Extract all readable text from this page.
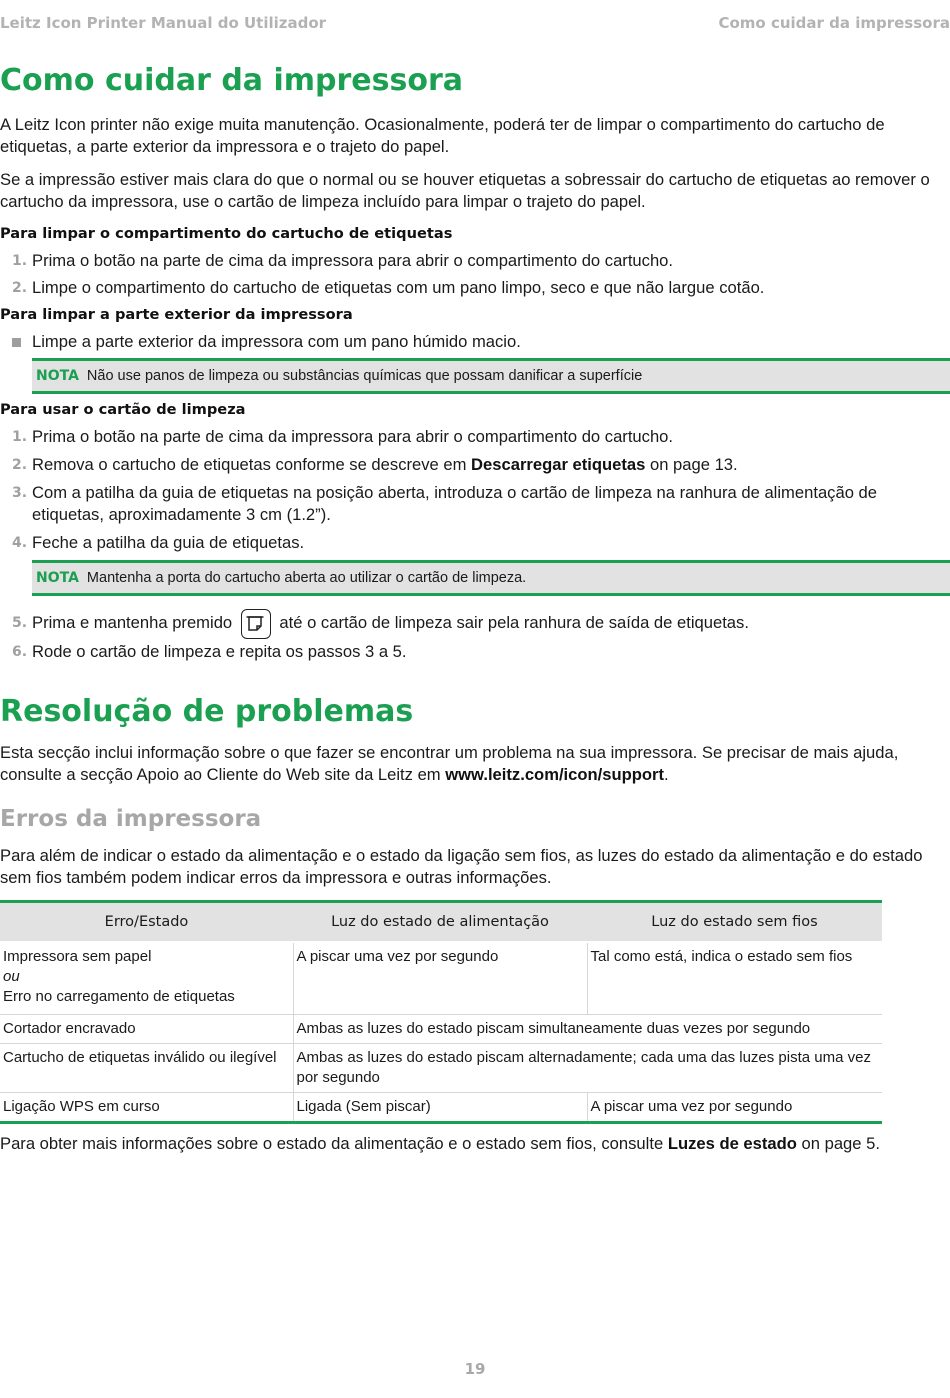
Leitz Icon Printer Manual do Utilizador	Como cuidar da impressora
Como cuidar da impressora

A Leitz Icon printer não exige muita manutenção. Ocasionalmente, poderá ter de limpar o compartimento do cartucho de etiquetas, a parte exterior da impressora e o trajeto do papel.

Se a impressão estiver mais clara do que o normal ou se houver etiquetas a sobressair do cartucho de etiquetas ao remover o cartucho da impressora, use o cartão de limpeza incluído para limpar o trajeto do papel.

Para limpar o compartimento do cartucho de etiquetas
1. Prima o botão na parte de cima da impressora para abrir o compartimento do cartucho.
2. Limpe o compartimento do cartucho de etiquetas com um pano limpo, seco e que não largue cotão.
Para limpar a parte exterior da impressora
Limpe a parte exterior da impressora com um pano húmido macio.
NOTA Não use panos de limpeza ou substâncias químicas que possam danificar a superfície
Para usar o cartão de limpeza
1. Prima o botão na parte de cima da impressora para abrir o compartimento do cartucho.
2. Remova o cartucho de etiquetas conforme se descreve em Descarregar etiquetas on page 13.
3. Com a patilha da guia de etiquetas na posição aberta, introduza o cartão de limpeza na ranhura de alimentação de etiquetas, aproximadamente 3 cm (1.2”).
4. Feche a patilha da guia de etiquetas.
NOTA Mantenha a porta do cartucho aberta ao utilizar o cartão de limpeza.
5. Prima e mantenha premido	até o cartão de limpeza sair pela ranhura de saída de etiquetas.
6. Rode o cartão de limpeza e repita os passos 3 a 5.
Resolução de problemas

Esta secção inclui informação sobre o que fazer se encontrar um problema na sua impressora. Se precisar de mais ajuda, consulte a secção Apoio ao Cliente do Web site da Leitz em www.leitz.com/icon/support.

Erros da impressora

Para além de indicar o estado da alimentação e o estado da ligação sem fios, as luzes do estado da alimentação e do estado sem fios também podem indicar erros da impressora e outras informações.

Erro/Estado	Luz do estado de alimentação	Luz do estado sem fios

Impressora sem papel
ou
Erro no carregamento de etiquetas	A piscar uma vez por segundo	Tal como está, indica o estado sem fios
Cortador encravado	Ambas as luzes do estado piscam simultaneamente duas vezes por segundo	
Cartucho de etiquetas inválido ou ilegível	Ambas as luzes do estado piscam alternadamente; cada uma das luzes pista uma vez por segundo	
Ligação WPS em curso	Ligada (Sem piscar)	A piscar uma vez por segundo

Para obter mais informações sobre o estado da alimentação e o estado sem fios, consulte Luzes de estado on page 5.

19
